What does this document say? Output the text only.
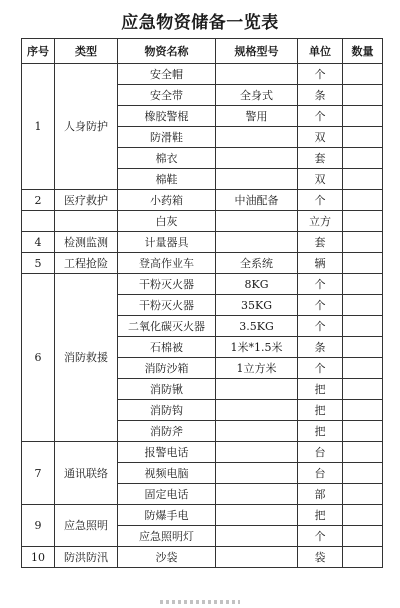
应急物资储备一览表
序号	类型	物资名称	规格型号	单位	数量
1	人身防护	安全帽		个	
		安全带	全身式	条	
		橡胶警棍	警用	个	
		防滑鞋		双	
		棉衣		套	
		棉鞋		双	
2	医疗救护	小药箱	中油配备	个	
		白灰		立方	
4	检测监测	计量器具		套	
5	工程抢险	登高作业车	全系统	辆	
6	消防救援	干粉灭火器	8KG	个	
		干粉灭火器	35KG	个	
		二氧化碳灭火器	3.5KG	个	
		石棉被	1米*1.5米	条	
		消防沙箱	1立方米	个	
		消防锹		把	
		消防钩		把	
		消防斧		把	
7	通讯联络	报警电话		台	
		视频电脑		台	
		固定电话		部	
9	应急照明	防爆手电		把	
		应急照明灯		个	
10	防洪防汛	沙袋		袋	
